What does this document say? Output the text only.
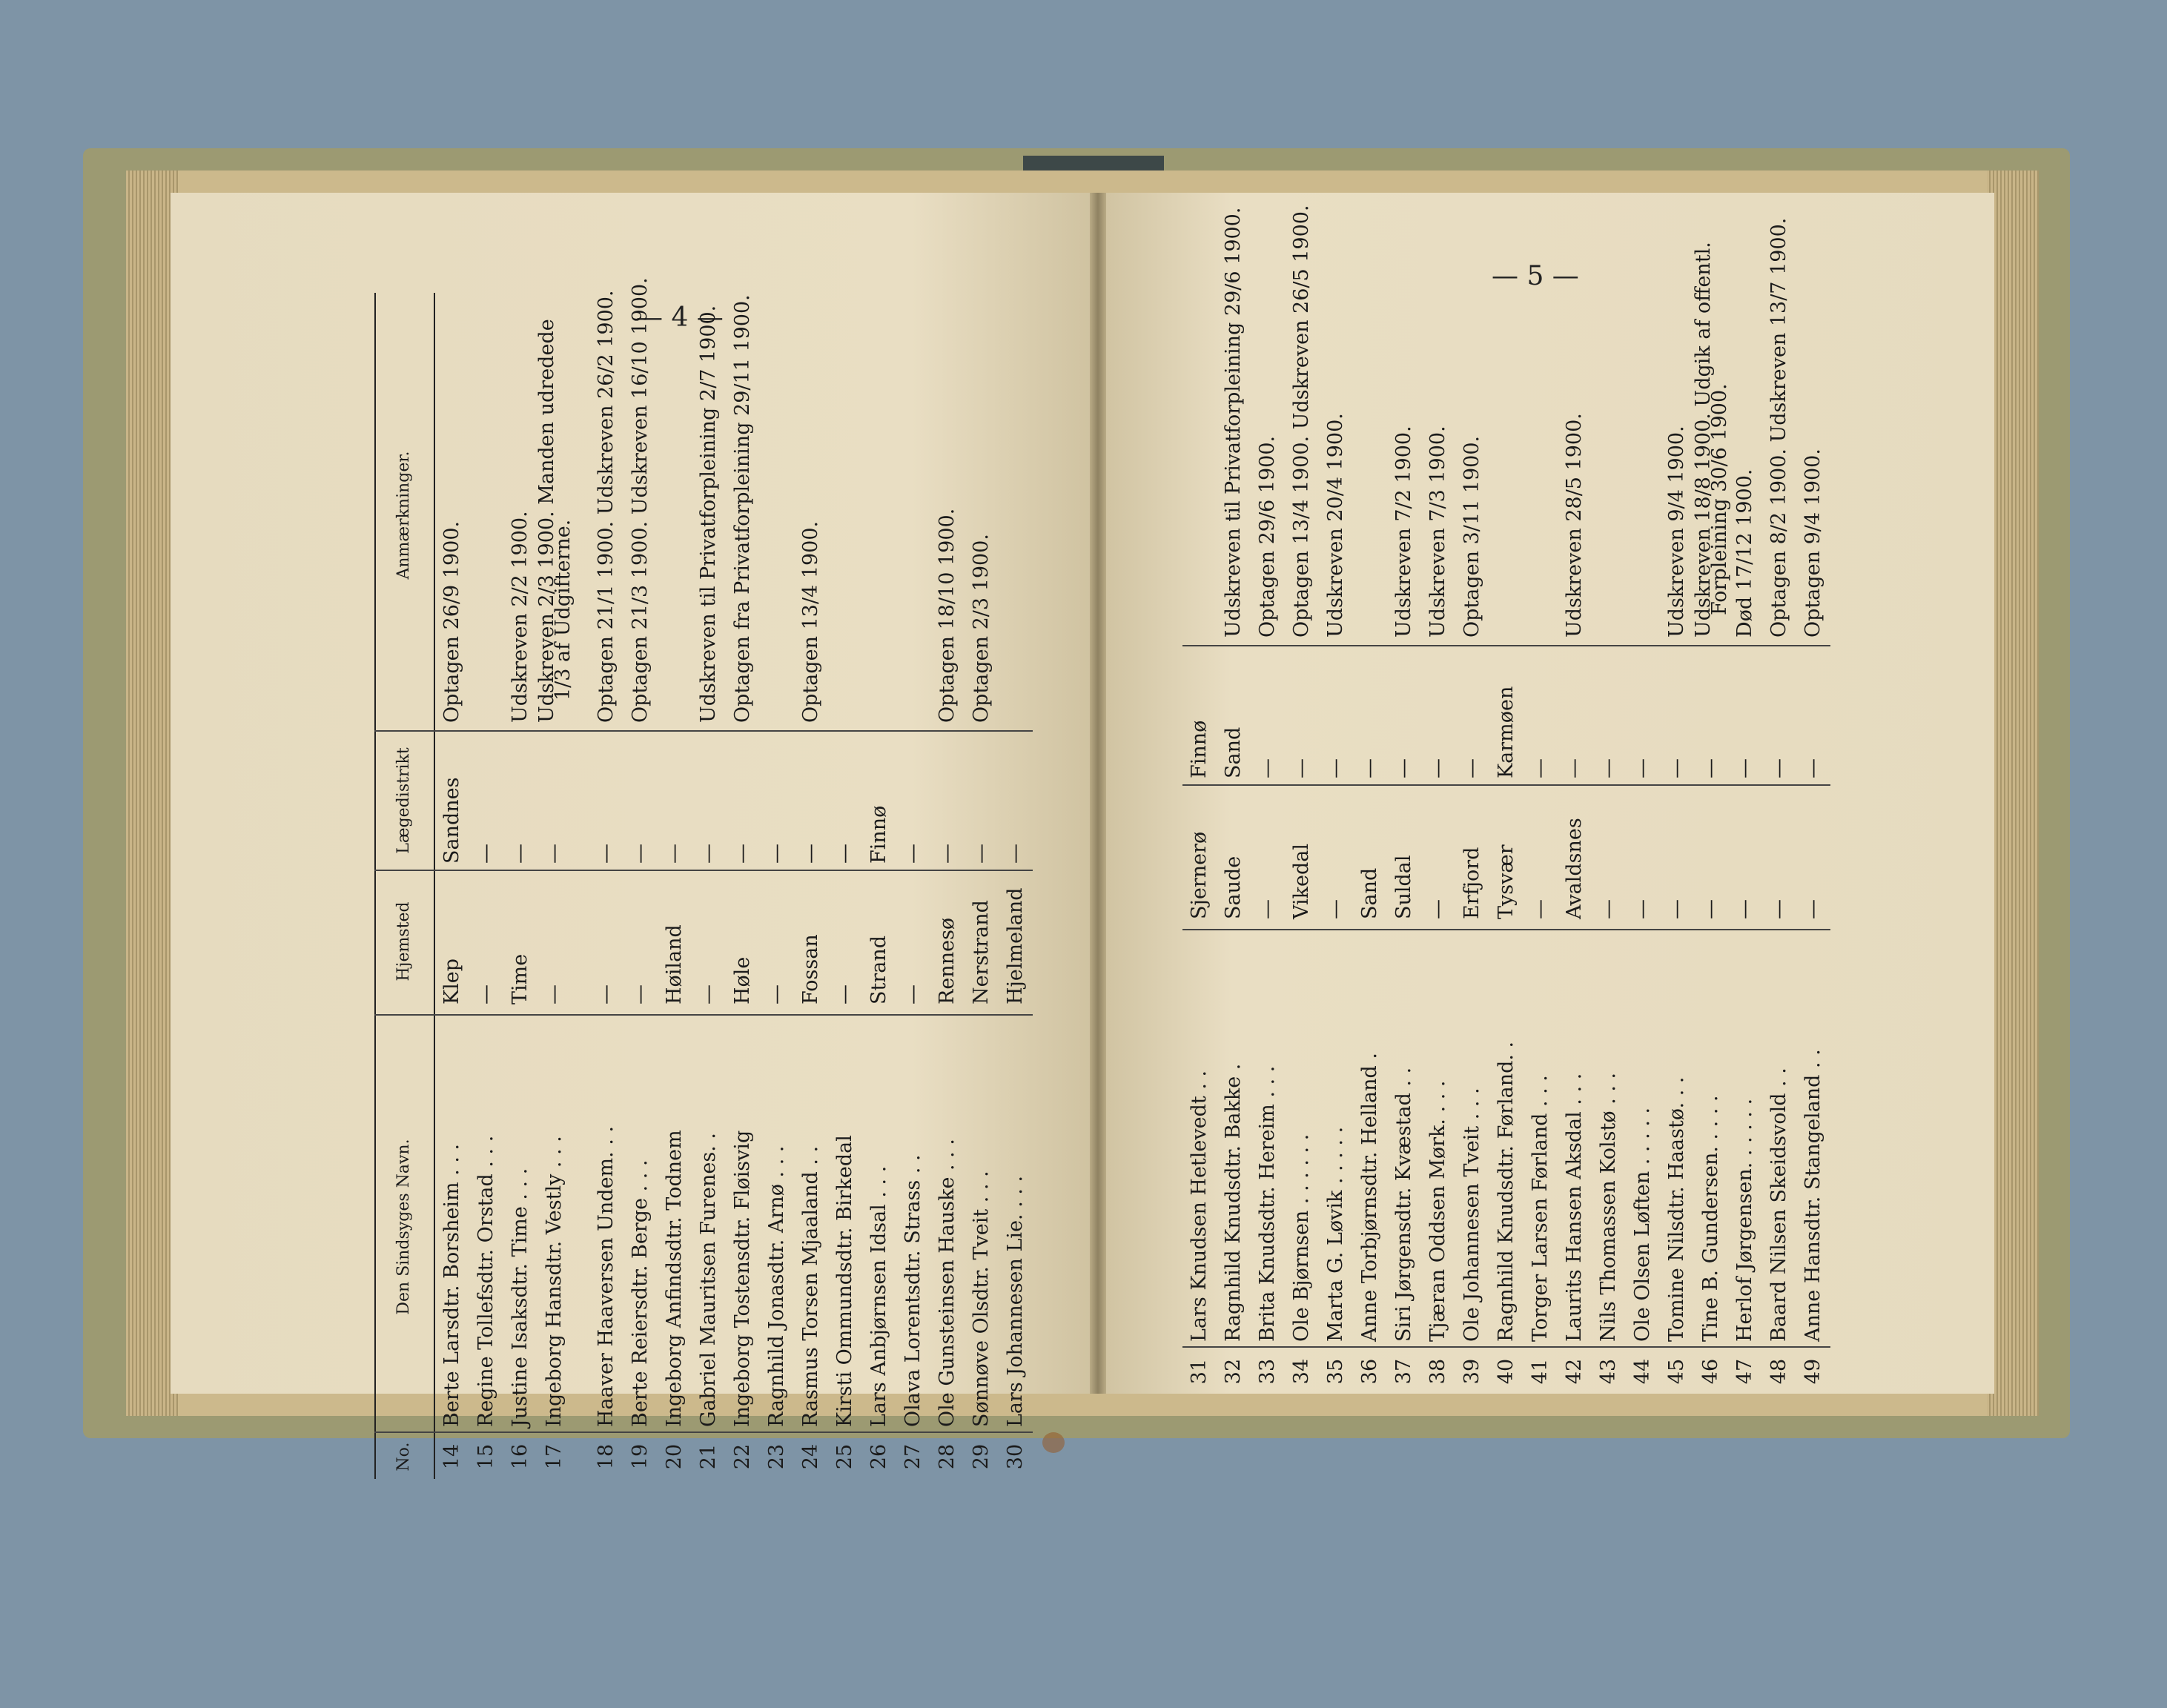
— 4 —
— 5 —
No.
Den Sindsyges Navn.
Hjemsted
Lægedistrikt
Anmærkninger.
14
Berte Larsdtr. Borsheim . . .
Klep
Sandnes
Optagen 26/9 1900.
15
Regine Tollefsdtr. Orstad . . .
—
—
16
Justine Isaksdtr. Time . . .
Time
—
Udskreven 2/2 1900.
17
Ingeborg Hansdtr. Vestly . . .
—
—
Udskreven 2/3 1900. Manden udredede
1/3 af Udgifterne.
18
Haaver Haaversen Undem. . .
—
—
Optagen 21/1 1900. Udskreven 26/2 1900.
19
Berte Reiersdtr. Berge . . .
—
—
Optagen 21/3 1900. Udskreven 16/10 1900.
20
Ingeborg Anfindsdtr. Todnem
Høiland
—
21
Gabriel Mauritsen Furenes. .
—
—
Udskreven til Privatforpleining 2/7 1900.
22
Ingeborg Tostensdtr. Fløisvig
Høle
—
Optagen fra Privatforpleining 29/11 1900.
23
Ragnhild Jonasdtr. Arnø . . .
—
—
24
Rasmus Torsen Mjaaland . .
Fossan
—
Optagen 13/4 1900.
25
Kirsti Ommundsdtr. Birkedal
—
—
26
Lars Anbjørnsen Idsal . . .
Strand
Finnø
27
Olava Lorentsdtr. Strass . .
—
—
28
Ole Gunsteinsen Hauske . . .
Rennesø
—
Optagen 18/10 1900.
29
Sønnøve Olsdtr. Tveit . . .
Nerstrand
—
Optagen 2/3 1900.
30
Lars Johannesen Lie. . . .
Hjelmeland
—
31
Lars Knudsen Hetlevedt . .
Sjernerø
Finnø
32
Ragnhild Knudsdtr. Bakke .
Saude
Sand
Udskreven til Privatforpleining 29/6 1900.
33
Brita Knudsdtr. Hereim . . .
—
—
Optagen 29/6 1900.
34
Ole Bjørnsen . . . . . .
Vikedal
—
Optagen 13/4 1900. Udskreven 26/5 1900.
35
Marta G. Løvik . . . . .
—
—
Udskreven 20/4 1900.
36
Anne Torbjørnsdtr. Helland .
Sand
—
37
Siri Jørgensdtr. Kvæstad . .
Suldal
—
Udskreven 7/2 1900.
38
Tjæran Oddsen Mørk. . . .
—
—
Udskreven 7/3 1900.
39
Ole Johannesen Tveit . . .
Erfjord
—
Optagen 3/11 1900.
40
Ragnhild Knudsdtr. Førland. .
Tysvær
Karmøen
41
Torger Larsen Førland . . .
—
—
42
Laurits Hansen Aksdal . . .
Avaldsnes
—
Udskreven 28/5 1900.
43
Nils Thomassen Kolstø . . .
—
—
44
Ole Olsen Løften . . . . .
—
—
45
Tomine Nilsdtr. Haastø. . .
—
—
Udskreven 9/4 1900.
46
Tine B. Gundersen. . . . .
—
—
Udskreven 18/8 1900. Udgik af offentl.
Forpleining 30/6 1900.
47
Herlof Jørgensen. . . . . .
—
—
Død 17/12 1900.
48
Baard Nilsen Skeidsvold . .
—
—
Optagen 8/2 1900. Udskreven 13/7 1900.
49
Anne Hansdtr. Stangeland . .
—
—
Optagen 9/4 1900.
